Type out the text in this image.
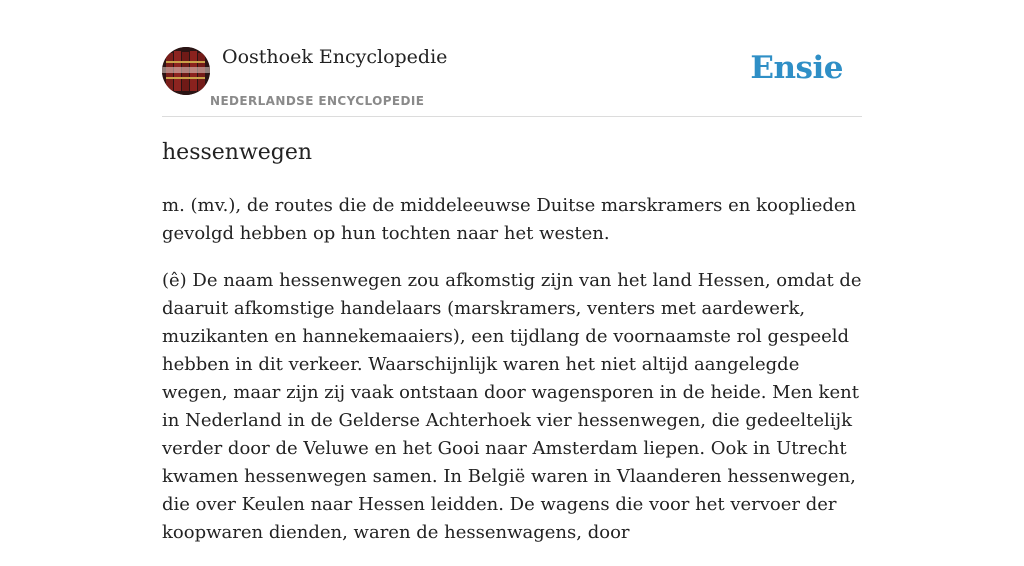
Oosthoek Encyclopedie
NEDERLANDSE ENCYCLOPEDIE
Ensie
hessenwegen

m. (mv.), de routes die de middeleeuwse Duitse marskramers en kooplieden gevolgd hebben op hun tochten naar het westen.

(ê) De naam hessenwegen zou afkomstig zijn van het land Hessen, omdat de daaruit afkomstige handelaars (marskramers, venters met aardewerk, muzikanten en hannekemaaiers), een tijdlang de voornaamste rol gespeeld hebben in dit verkeer. Waarschijnlijk waren het niet altijd aangelegde wegen, maar zijn zij vaak ontstaan door wagensporen in de heide. Men kent in Nederland in de Gelderse Achterhoek vier hessenwegen, die gedeeltelijk verder door de Veluwe en het Gooi naar Amsterdam liepen. Ook in Utrecht kwamen hessenwegen samen. In België waren in Vlaanderen hessenwegen, die over Keulen naar Hessen leidden. De wagens die voor het vervoer der koopwaren dienden, waren de hessenwagens, door
